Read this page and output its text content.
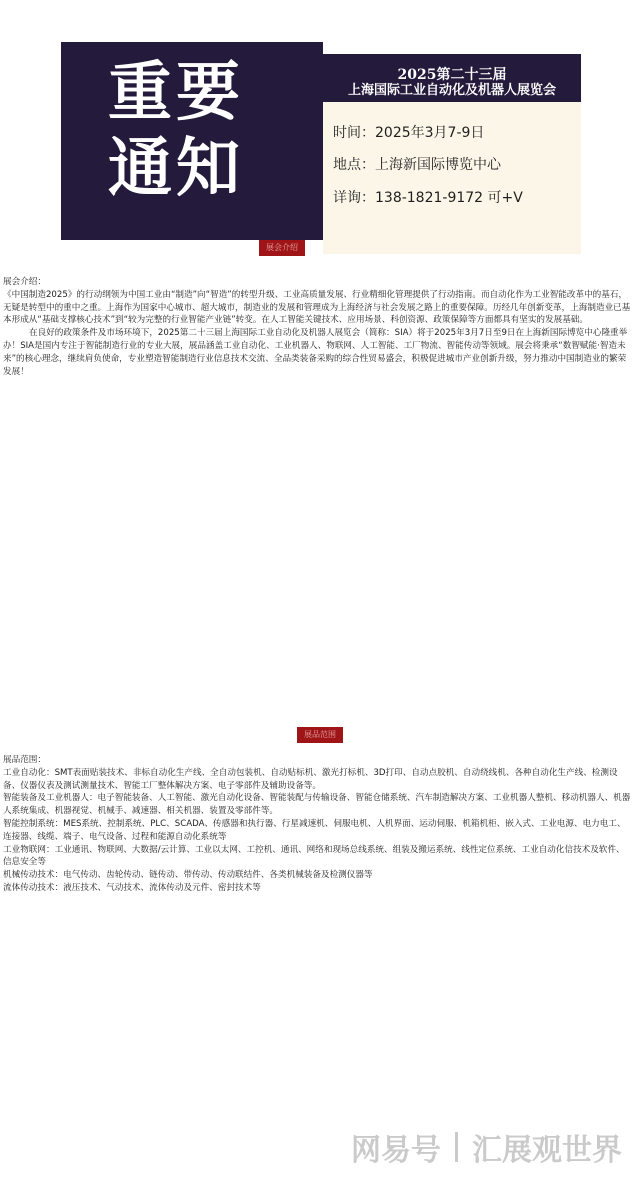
重要
通知
2025第二十三届
上海国际工业自动化及机器人展览会
时间：2025年3月7-9日
地点：上海新国际博览中心
详询：138-1821-9172 可+V
展会介绍

展会介绍：

《中国制造2025》的行动纲领为中国工业由“制造”向“智造”的转型升级、工业高质量发展、行业精细化管理提供了行动指南。而自动化作为工业智能改革中的基石，无疑是转型中的重中之重。上海作为国家中心城市、超大城市，制造业的发展和管理成为上海经济与社会发展之路上的重要保障。历经几年创新变革，上海制造业已基本形成从“基础支撑核心技术”到“较为完整的行业智能产业链”转变。在人工智能关键技术、应用场景、科创资源、政策保障等方面都具有坚实的发展基础。

在良好的政策条件及市场环境下，2025第二十三届上海国际工业自动化及机器人展览会（简称：SIA）将于2025年3月7日至9日在上海新国际博览中心隆重举办！SIA是国内专注于智能制造行业的专业大展，展品涵盖工业自动化、工业机器人、物联网、人工智能、工厂物流、智能传动等领域。展会将秉承“数智赋能·智造未来”的核心理念，继续肩负使命，专业塑造智能制造行业信息技术交流、全品类装备采购的综合性贸易盛会，积极促进城市产业创新升级，努力推动中国制造业的繁荣发展！

展品范围

展品范围：

工业自动化：SMT表面贴装技术、非标自动化生产线、全自动包装机、自动贴标机、激光打标机、3D打印、自动点胶机、自动绕线机、各种自动化生产线、检测设备、仪器仪表及测试测量技术、智能工厂整体解决方案、电子零部件及辅助设备等。

智能装备及工业机器人：电子智能装备、人工智能、激光自动化设备、智能装配与传输设备、智能仓储系统、汽车制造解决方案、工业机器人整机、移动机器人、机器人系统集成、机器视觉、机械手、减速器、相关机器、装置及零部件等。

智能控制系统：MES系统、控制系统、PLC、SCADA、传感器和执行器、行星减速机、伺服电机、人机界面、运动伺服、机箱机柜、嵌入式、工业电源、电力电工、连接器、线缆、端子、电气设备、过程和能源自动化系统等

工业物联网：工业通讯、物联网、大数据/云计算、工业以太网、工控机、通讯、网络和现场总线系统、组装及搬运系统、线性定位系统、工业自动化信技术及软件、信息安全等

机械传动技术：电气传动、齿轮传动、链传动、带传动、传动联结件、各类机械装备及检测仪器等

流体传动技术：液压技术、气动技术、流体传动及元件、密封技术等

网易号 汇展观世界
